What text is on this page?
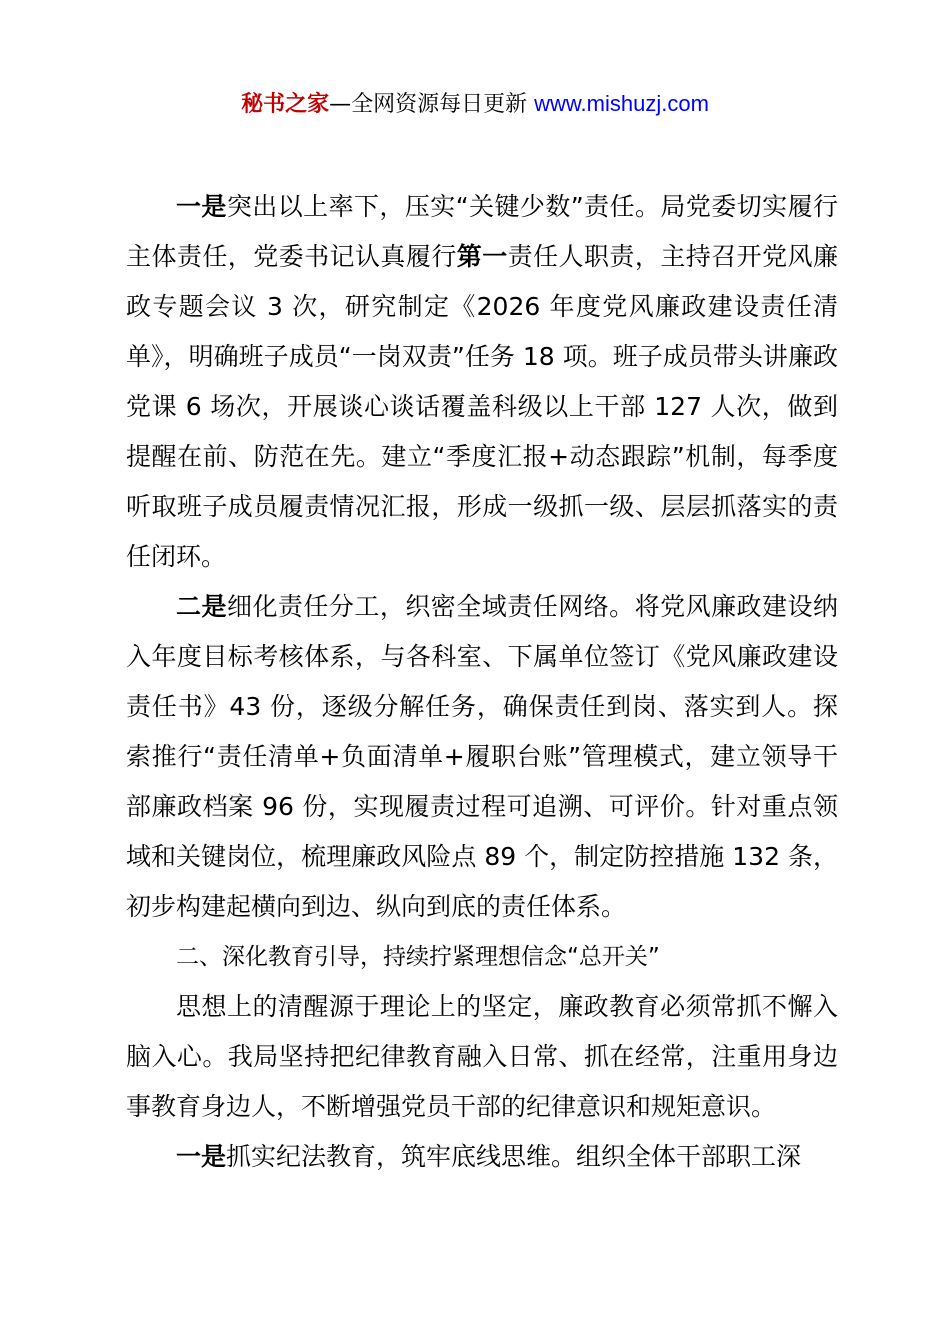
秘书之家—全网资源每日更新 www.mishuzj.com

一是突出以上率下，压实“关键少数”责任。局党委切实履行主体责任，党委书记认真履行第一责任人职责，主持召开党风廉政专题会议 3 次，研究制定《2026 年度党风廉政建设责任清单》，明确班子成员“一岗双责”任务 18 项。班子成员带头讲廉政党课 6 场次，开展谈心谈话覆盖科级以上干部 127 人次，做到提醒在前、防范在先。建立“季度汇报+动态跟踪”机制，每季度听取班子成员履责情况汇报，形成一级抓一级、层层抓落实的责任闭环。

二是细化责任分工，织密全域责任网络。将党风廉政建设纳入年度目标考核体系，与各科室、下属单位签订《党风廉政建设责任书》43 份，逐级分解任务，确保责任到岗、落实到人。探索推行“责任清单+负面清单+履职台账”管理模式，建立领导干部廉政档案 96 份，实现履责过程可追溯、可评价。针对重点领域和关键岗位，梳理廉政风险点 89 个，制定防控措施 132 条，初步构建起横向到边、纵向到底的责任体系。

二、深化教育引导，持续拧紧理想信念“总开关”

思想上的清醒源于理论上的坚定，廉政教育必须常抓不懈入脑入心。我局坚持把纪律教育融入日常、抓在经常，注重用身边事教育身边人，不断增强党员干部的纪律意识和规矩意识。

一是抓实纪法教育，筑牢底线思维。组织全体干部职工深
